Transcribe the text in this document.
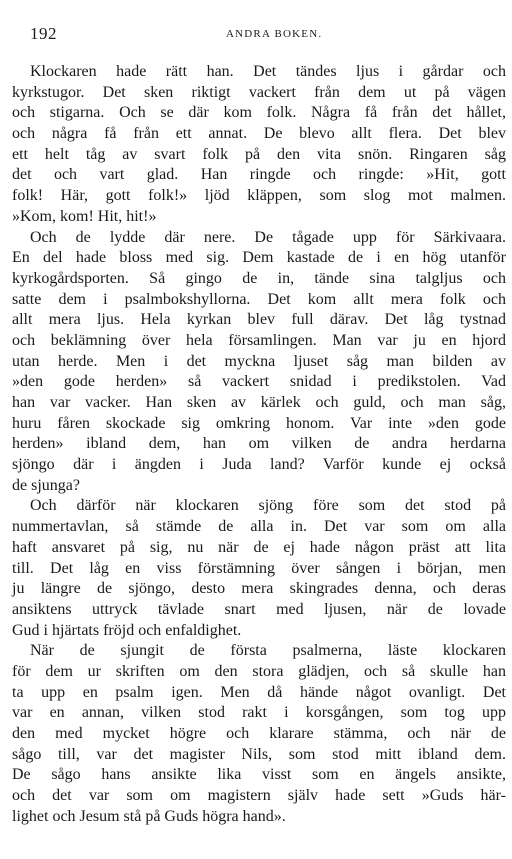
192	ANDRA BOKEN.
Klockaren hade rätt han. Det tändes ljus i gårdar och
kyrkstugor. Det sken riktigt vackert från dem ut på vägen
och stigarna. Och se där kom folk. Några få från det hållet,
och några få från ett annat. De blevo allt flera. Det blev
ett helt tåg av svart folk på den vita snön. Ringaren såg
det och vart glad. Han ringde och ringde: »Hit, gott
folk! Här, gott folk!» ljöd kläppen, som slog mot malmen.
»Kom, kom! Hit, hit!»
Och de lydde där nere. De tågade upp för Särkivaara.
En del hade bloss med sig. Dem kastade de i en hög utanför
kyrkogårdsporten. Så gingo de in, tände sina talgljus och
satte dem i psalmbokshyllorna. Det kom allt mera folk och
allt mera ljus. Hela kyrkan blev full därav. Det låg tystnad
och beklämning över hela församlingen. Man var ju en hjord
utan herde. Men i det myckna ljuset såg man bilden av
»den gode herden» så vackert snidad i predikstolen. Vad
han var vacker. Han sken av kärlek och guld, och man såg,
huru fåren skockade sig omkring honom. Var inte »den gode
herden» ibland dem, han om vilken de andra herdarna
sjöngo där i ängden i Juda land? Varför kunde ej också
de sjunga?
Och därför när klockaren sjöng före som det stod på
nummertavlan, så stämde de alla in. Det var som om alla
haft ansvaret på sig, nu när de ej hade någon präst att lita
till. Det låg en viss förstämning över sången i början, men
ju längre de sjöngo, desto mera skingrades denna, och deras
ansiktens uttryck tävlade snart med ljusen, när de lovade
Gud i hjärtats fröjd och enfaldighet.
När de sjungit de första psalmerna, läste klockaren
för dem ur skriften om den stora glädjen, och så skulle han
ta upp en psalm igen. Men då hände något ovanligt. Det
var en annan, vilken stod rakt i korsgången, som tog upp
den med mycket högre och klarare stämma, och när de
sågo till, var det magister Nils, som stod mitt ibland dem.
De sågo hans ansikte lika visst som en ängels ansikte,
och det var som om magistern själv hade sett »Guds här-
lighet och Jesum stå på Guds högra hand».
